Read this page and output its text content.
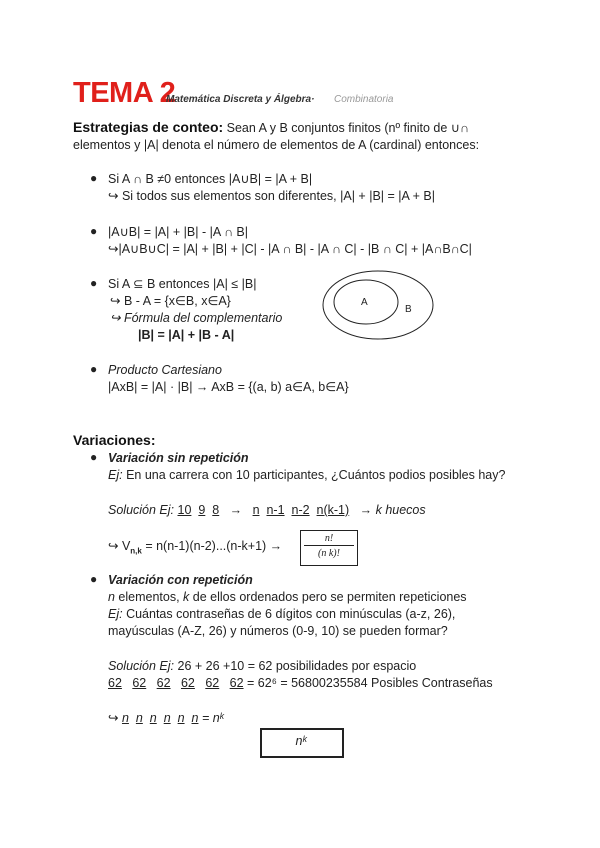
TEMA 2
Matemática Discreta y Álgebra· Combinatoria
Estrategias de conteo: Sean A y B conjuntos finitos (nº finito de ∪∩
elementos y |A| denota el número de elementos de A (cardinal) entonces:
● Si A ∩ B ≠0 entonces |A∪B| = |A + B|
↪ Si todos sus elementos son diferentes, |A| + |B| = |A + B|
● |A∪B| = |A| + |B| - |A ∩ B|
↪|A∪B∪C| = |A| + |B| + |C| - |A ∩ B| - |A ∩ C| - |B ∩ C| + |A∩B∩C|
● Si A ⊆ B entonces |A| ≤ |B|
↪ B - A = {x∈B, x∈A}
↪ Fórmula del complementario
|B| = |A| + |B - A|
A
B
● Producto Cartesiano
|AxB| = |A| · |B| → AxB = {(a, b) a∈A, b∈A}
Variaciones:
● Variación sin repetición
Ej: En una carrera con 10 participantes, ¿Cuántos podios posibles hay?
Solución Ej: 10 9 8 → n n-1 n-2 n(k-1) → k huecos
↪ $V_{n,k} = n(n-1)(n-2)...(n-k+1)$ →
n!
(n k)!
● Variación con repetición
n elementos, k de ellos ordenados pero se permiten repeticiones
Ej: Cuántas contraseñas de 6 dígitos con minúsculas (a-z, 26),
mayúsculas (A-Z, 26) y números (0-9, 10) se pueden formar?
Solución Ej: 26 + 26 +10 = 62 posibilidades por espacio
62 62 62 62 62 62 = 62⁶ = 56800235584 Posibles Contraseñas
↪ n n n n n n = nᵏ
nᵏ
